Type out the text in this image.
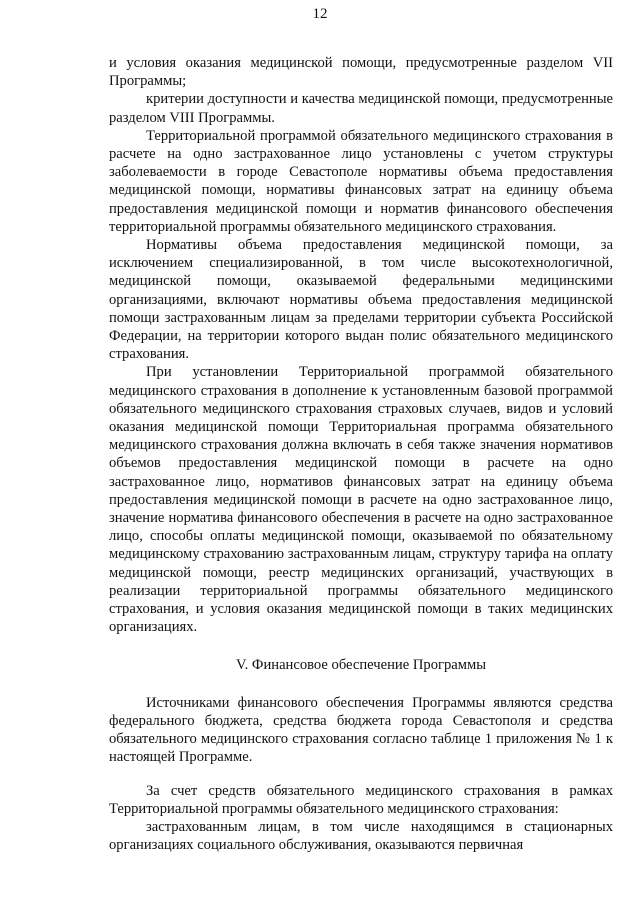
12

и условия оказания медицинской помощи, предусмотренные разделом VII Программы;

критерии доступности и качества медицинской помощи, предусмотренные разделом VIII Программы.

Территориальной программой обязательного медицинского страхования в расчете на одно застрахованное лицо установлены с учетом структуры заболеваемости в городе Севастополе нормативы объема предоставления медицинской помощи, нормативы финансовых затрат на единицу объема предоставления медицинской помощи и норматив финансового обеспечения территориальной программы обязательного медицинского страхования.

Нормативы объема предоставления медицинской помощи, за исключением специализированной, в том числе высокотехнологичной, медицинской помощи, оказываемой федеральными медицинскими организациями, включают нормативы объема предоставления медицинской помощи застрахованным лицам за пределами территории субъекта Российской Федерации, на территории которого выдан полис обязательного медицинского страхования.

При установлении Территориальной программой обязательного медицинского страхования в дополнение к установленным базовой программой обязательного медицинского страхования страховых случаев, видов и условий оказания медицинской помощи Территориальная программа обязательного медицинского страхования должна включать в себя также значения нормативов объемов предоставления медицинской помощи в расчете на одно застрахованное лицо, нормативов финансовых затрат на единицу объема предоставления медицинской помощи в расчете на одно застрахованное лицо, значение норматива финансового обеспечения в расчете на одно застрахованное лицо, способы оплаты медицинской помощи, оказываемой по обязательному медицинскому страхованию застрахованным лицам, структуру тарифа на оплату медицинской помощи, реестр медицинских организаций, участвующих в реализации территориальной программы обязательного медицинского страхования, и условия оказания медицинской помощи в таких медицинских организациях.

V. Финансовое обеспечение Программы

Источниками финансового обеспечения Программы являются средства федерального бюджета, средства бюджета города Севастополя и средства обязательного медицинского страхования согласно таблице 1 приложения № 1 к настоящей Программе.

За счет средств обязательного медицинского страхования в рамках Территориальной программы обязательного медицинского страхования:

застрахованным лицам, в том числе находящимся в стационарных организациях социального обслуживания, оказываются первичная
